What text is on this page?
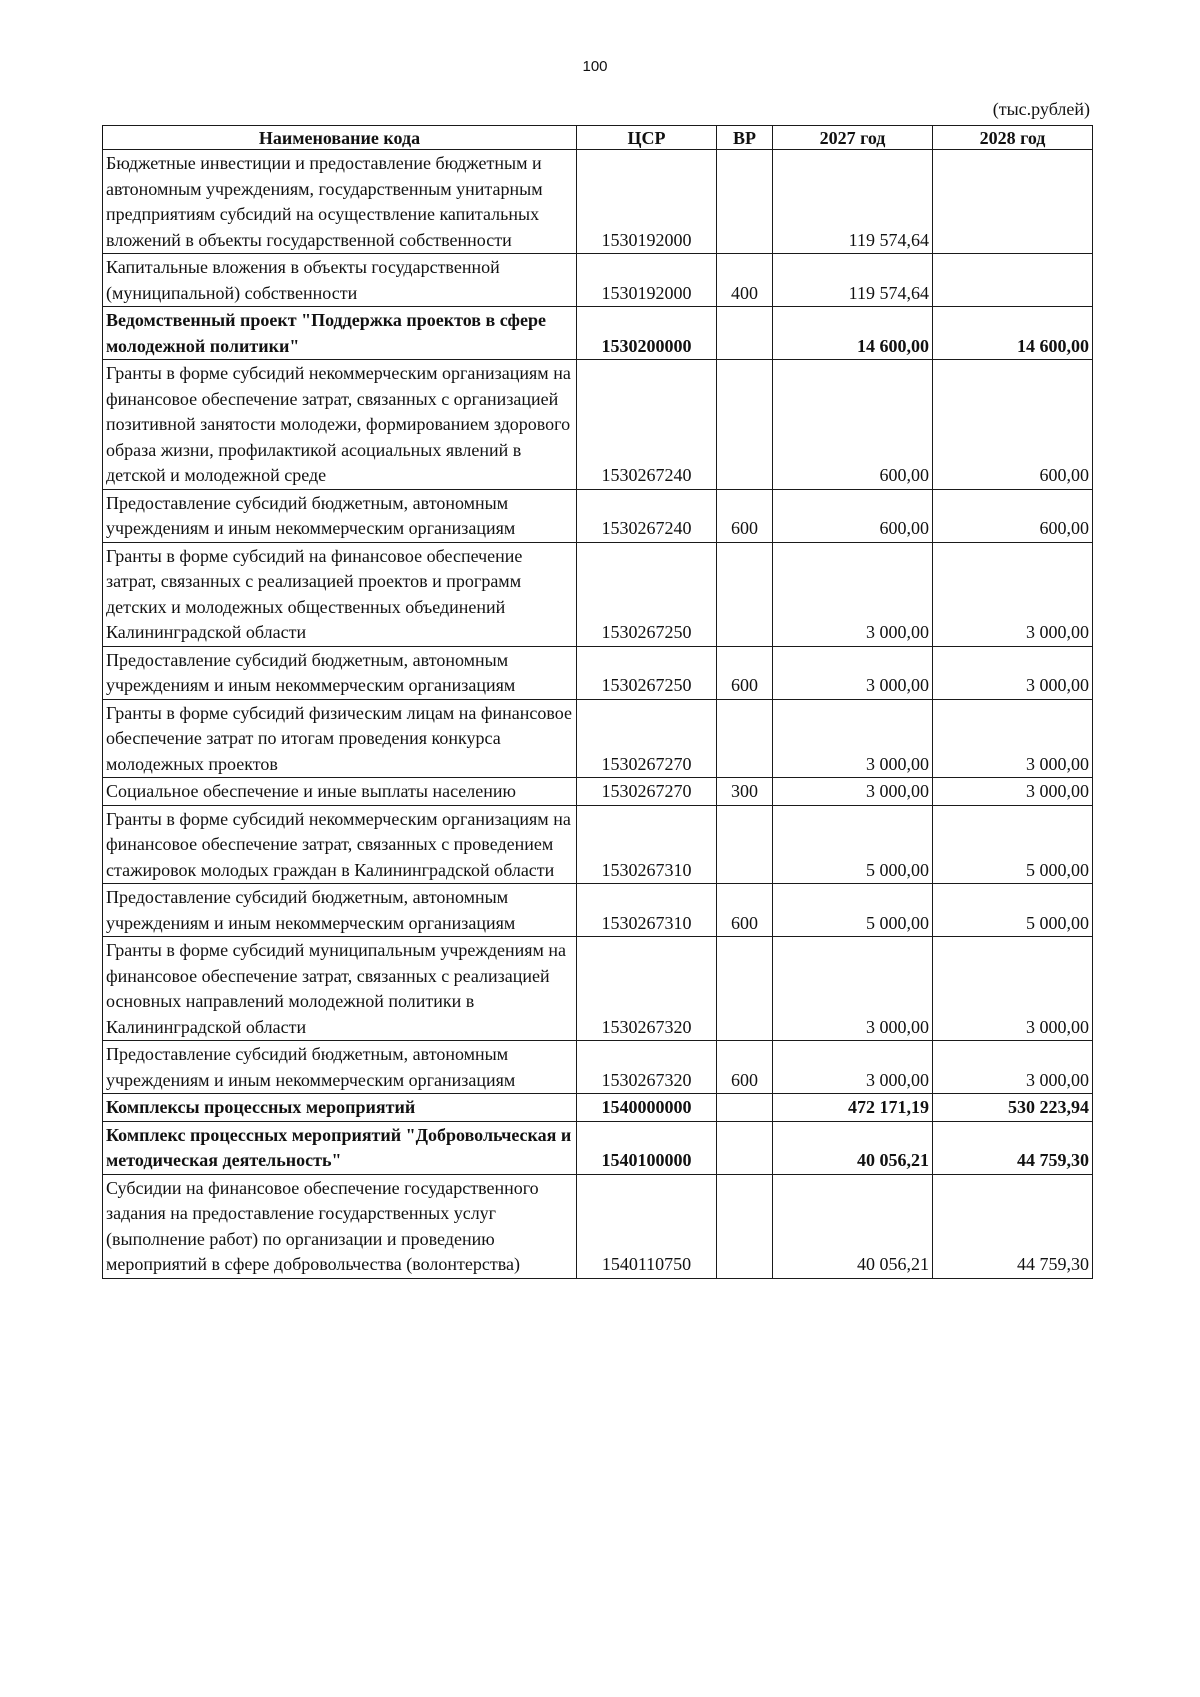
100
(тыс.рублей)
Наименование кода	ЦСР	ВР	2027 год	2028 год
Бюджетные инвестиции и предоставление бюджетным и автономным учреждениям, государственным унитарным предприятиям субсидий на осуществление капитальных вложений в объекты государственной собственности	1530192000		119 574,64	
Капитальные вложения в объекты государственной (муниципальной) собственности	1530192000	400	119 574,64	
Ведомственный проект "Поддержка проектов в сфере молодежной политики"	1530200000		14 600,00	14 600,00
Гранты в форме субсидий некоммерческим организациям на финансовое обеспечение затрат, связанных с организацией позитивной занятости молодежи, формированием здорового образа жизни, профилактикой асоциальных явлений в детской и молодежной среде	1530267240		600,00	600,00
Предоставление субсидий бюджетным, автономным учреждениям и иным некоммерческим организациям	1530267240	600	600,00	600,00
Гранты в форме субсидий на финансовое обеспечение затрат, связанных с реализацией проектов и программ детских и молодежных общественных объединений Калининградской области	1530267250		3 000,00	3 000,00
Предоставление субсидий бюджетным, автономным учреждениям и иным некоммерческим организациям	1530267250	600	3 000,00	3 000,00
Гранты в форме субсидий физическим лицам на финансовое обеспечение затрат по итогам проведения конкурса молодежных проектов	1530267270		3 000,00	3 000,00
Социальное обеспечение и иные выплаты населению	1530267270	300	3 000,00	3 000,00
Гранты в форме субсидий некоммерческим организациям на финансовое обеспечение затрат, связанных с проведением стажировок молодых граждан в Калининградской области	1530267310		5 000,00	5 000,00
Предоставление субсидий бюджетным, автономным учреждениям и иным некоммерческим организациям	1530267310	600	5 000,00	5 000,00
Гранты в форме субсидий муниципальным учреждениям на финансовое обеспечение затрат, связанных с реализацией основных направлений молодежной политики в Калининградской области	1530267320		3 000,00	3 000,00
Предоставление субсидий бюджетным, автономным учреждениям и иным некоммерческим организациям	1530267320	600	3 000,00	3 000,00
Комплексы процессных мероприятий	1540000000		472 171,19	530 223,94
Комплекс процессных мероприятий "Добровольческая и методическая деятельность"	1540100000		40 056,21	44 759,30
Субсидии на финансовое обеспечение государственного задания на предоставление государственных услуг (выполнение работ) по организации и проведению мероприятий в сфере добровольчества (волонтерства)	1540110750		40 056,21	44 759,30
